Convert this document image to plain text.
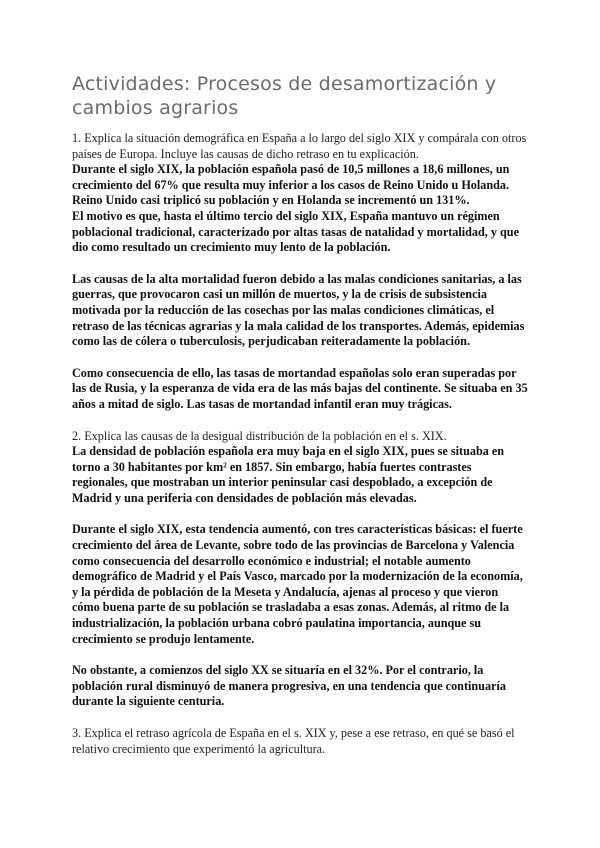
Actividades: Procesos de desamortización y cambios agrarios

1. Explica la situación demográfica en España a lo largo del siglo XIX y compárala con otros países de Europa. Incluye las causas de dicho retraso en tu explicación.

Durante el siglo XIX, la población española pasó de 10,5 millones a 18,6 millones, un crecimiento del 67% que resulta muy inferior a los casos de Reino Unido u Holanda. Reino Unido casi triplicó su población y en Holanda se incrementó un 131%.

El motivo es que, hasta el último tercio del siglo XIX, España mantuvo un régimen poblacional tradicional, caracterizado por altas tasas de natalidad y mortalidad, y que dio como resultado un crecimiento muy lento de la población.

Las causas de la alta mortalidad fueron debido a las malas condiciones sanitarias, a las guerras, que provocaron casi un millón de muertos, y la de crisis de subsistencia motivada por la reducción de las cosechas por las malas condiciones climáticas, el retraso de las técnicas agrarias y la mala calidad de los transportes. Además, epidemias como las de cólera o tuberculosis, perjudicaban reiteradamente la población.

Como consecuencia de ello, las tasas de mortandad españolas solo eran superadas por las de Rusia, y la esperanza de vida era de las más bajas del continente. Se situaba en 35 años a mitad de siglo. Las tasas de mortandad infantil eran muy trágicas.

2. Explica las causas de la desigual distribución de la población en el s. XIX.

La densidad de población española era muy baja en el siglo XIX, pues se situaba en torno a 30 habitantes por km² en 1857. Sin embargo, había fuertes contrastes regionales, que mostraban un interior peninsular casi despoblado, a excepción de Madrid y una periferia con densidades de población más elevadas.

Durante el siglo XIX, esta tendencia aumentó, con tres características básicas: el fuerte crecimiento del área de Levante, sobre todo de las provincias de Barcelona y Valencia como consecuencia del desarrollo económico e industrial; el notable aumento demográfico de Madrid y el País Vasco, marcado por la modernización de la economía, y la pérdida de población de la Meseta y Andalucía, ajenas al proceso y que vieron cómo buena parte de su población se trasladaba a esas zonas. Además, al ritmo de la industrialización, la población urbana cobró paulatina importancia, aunque su crecimiento se produjo lentamente.

No obstante, a comienzos del siglo XX se situaría en el 32%. Por el contrario, la población rural disminuyó de manera progresiva, en una tendencia que continuaría durante la siguiente centuria.

3. Explica el retraso agrícola de España en el s. XIX y, pese a ese retraso, en qué se basó el relativo crecimiento que experimentó la agricultura.
